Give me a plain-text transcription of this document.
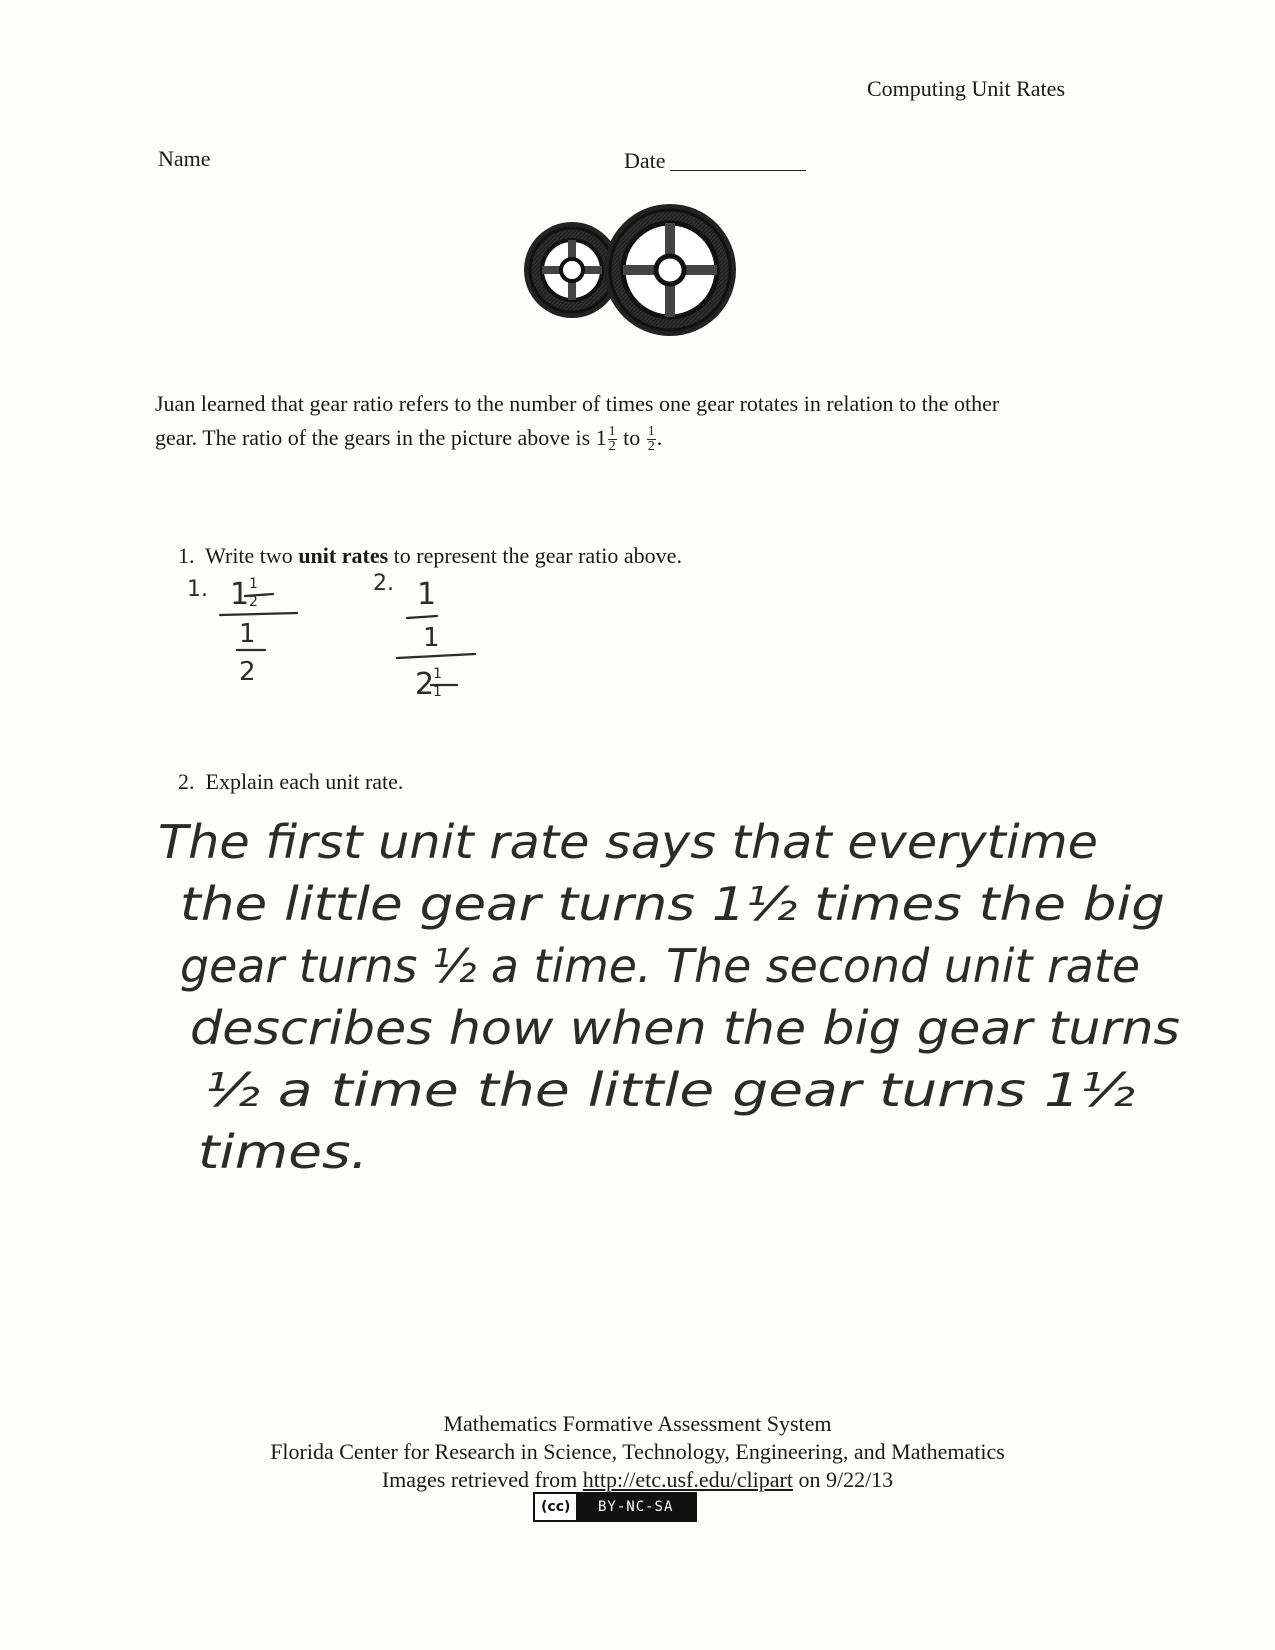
Computing Unit Rates
Name	Date
Juan learned that gear ratio refers to the number of times one gear rotates in relation to the other
gear. The ratio of the gears in the picture above is $1 \frac{1}{2}$ to $\frac{1}{2}$ .
1. Write two unit rates to represent the gear ratio above.
1. 1 1
2
1
2
2. 1
1
2
1
1
2. Explain each unit rate.
The first unit rate says that everytime
the little gear turns 1½ times the big
gear turns ½ a time. The second unit rate
describes how when the big gear turns
½ a time the little gear turns 1½
times.
Mathematics Formative Assessment System
Florida Center for Research in Science, Technology, Engineering, and Mathematics
Images retrieved from http://etc.usf.edu/clipart on 9/22/13
(cc)	BY-NC-SA
